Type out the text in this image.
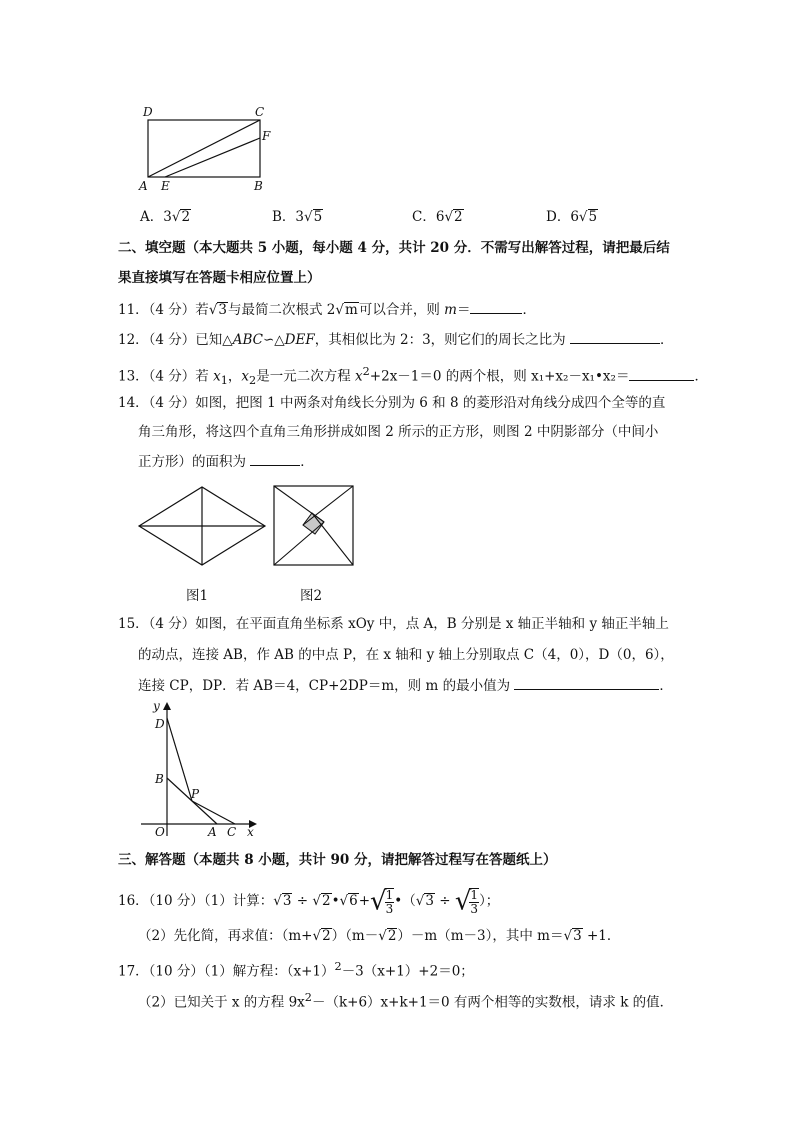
D	C
F
A E	B
A．3√2	B．3√5	C．6√2	D．6√5
二、填空题（本大题共 5 小题，每小题 4 分，共计 20 分．不需写出解答过程，请把最后结
果直接填写在答题卡相应位置上）
11．（4 分）若√3与最简二次根式 2√m可以合并，则 m＝	．
12．（4 分）已知△ABC∽△DEF，其相似比为 2：3，则它们的周长之比为	．
13．（4 分）若 $x_1$，$x_2$是一元二次方程 $x^2+2x-1=0$ 的两个根，则 x₁+x₂－x₁•x₂＝	．
14．（4 分）如图，把图 1 中两条对角线长分别为 6 和 8 的菱形沿对角线分成四个全等的直
角三角形，将这四个直角三角形拼成如图 2 所示的正方形，则图 2 中阴影部分（中间小
正方形）的面积为	．
图1	图2
15．（4 分）如图，在平面直角坐标系 xOy 中，点 A，B 分别是 x 轴正半轴和 y 轴正半轴上
的动点，连接 AB，作 AB 的中点 P，在 x 轴和 y 轴上分别取点 C（4，0），D（0，6），
连接 CP，DP．若 AB＝4，CP+2DP＝m，则 m 的最小值为	．
y
D
B
P
O	A C x
三、解答题（本题共 8 小题，共计 90 分，请把解答过程写在答题纸上）
16．（10 分）（1）计算：√3 ÷ √2•√6+√
$\frac{1}{3}$ •（√3 ÷ √
$\frac{1}{3}$ ）；
（2）先化简，再求值：（m+√2）（m－√2）－m（m－3），其中 m＝√3 +1．
17．（10 分）（1）解方程：$(x+1)^2-3(x+1)+2=0$；
（2）已知关于 x 的方程 $9x^2-(k+6)x+k+1=0$ 有两个相等的实数根，请求 k 的值．
